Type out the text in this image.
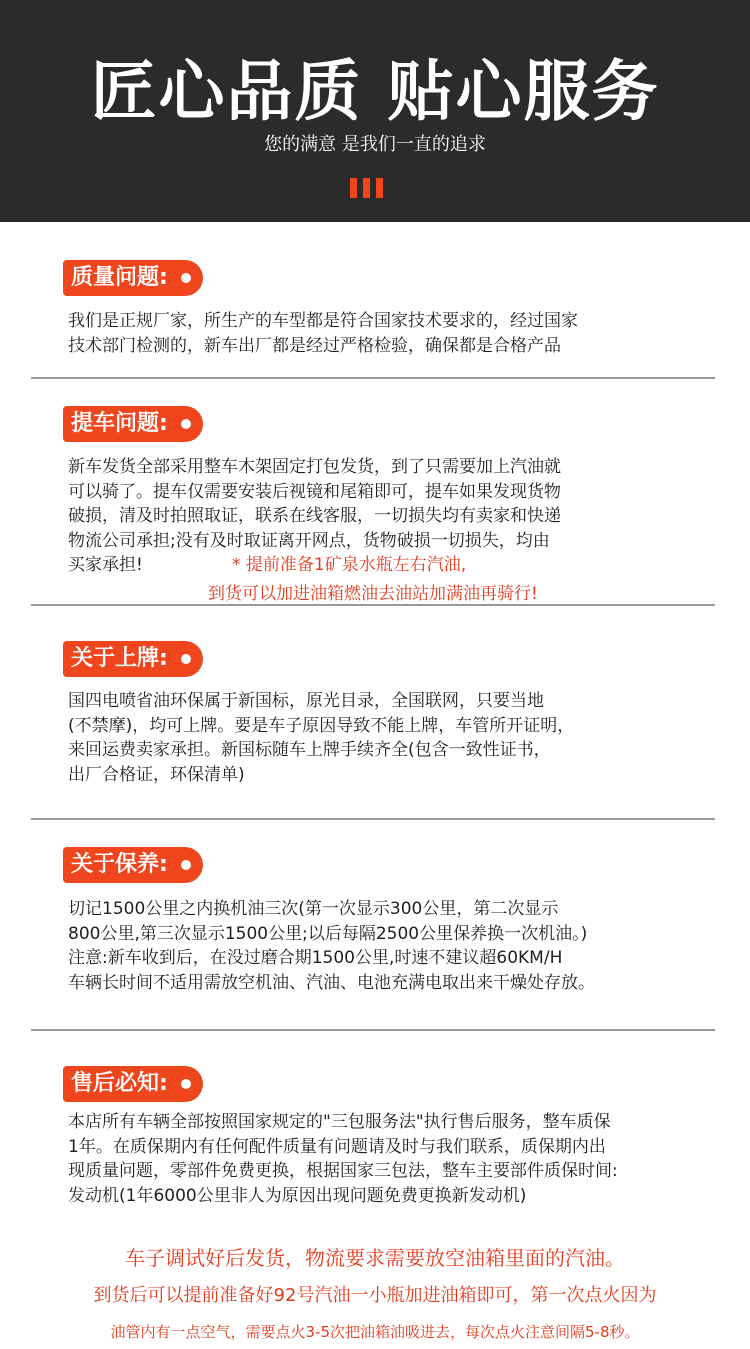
匠心品质 贴心服务
您的满意 是我们一直的追求
质量问题:

我们是正规厂家，所生产的车型都是符合国家技术要求的，经过国家

技术部门检测的，新车出厂都是经过严格检验，确保都是合格产品

提车问题:

新车发货全部采用整车木架固定打包发货，到了只需要加上汽油就

可以骑了。提车仅需要安装后视镜和尾箱即可，提车如果发现货物

破损，清及时拍照取证，联系在线客服，一切损失均有卖家和快递

物流公司承担;没有及时取证离开网点，货物破损一切损失，均由

买家承担!	* 提前准备1矿泉水瓶左右汽油,
到货可以加进油箱燃油去油站加满油再骑行!
关于上牌:

国四电喷省油环保属于新国标，原光目录，全国联网，只要当地

(不禁摩)，均可上牌。要是车子原因导致不能上牌，车管所开证明，

来回运费卖家承担。新国标随车上牌手续齐全(包含一致性证书，

出厂合格证，环保清单)

关于保养:

切记1500公里之内换机油三次(第一次显示300公里，第二次显示

800公里,第三次显示1500公里;以后每隔2500公里保养换一次机油。)

注意:新车收到后，在没过磨合期1500公里,时速不建议超60KM/H

车辆长时间不适用需放空机油、汽油、电池充满电取出来干燥处存放。

售后必知:

本店所有车辆全部按照国家规定的"三包服务法"执行售后服务，整车质保

1年。在质保期内有任何配件质量有问题请及时与我们联系，质保期内出

现质量问题，零部件免费更换，根据国家三包法，整车主要部件质保时间:

发动机(1年6000公里非人为原因出现问题免费更换新发动机)

车子调试好后发货，物流要求需要放空油箱里面的汽油。

到货后可以提前准备好92号汽油一小瓶加进油箱即可，第一次点火因为

油管内有一点空气，需要点火3-5次把油箱油吸进去，每次点火注意间隔5-8秒。
